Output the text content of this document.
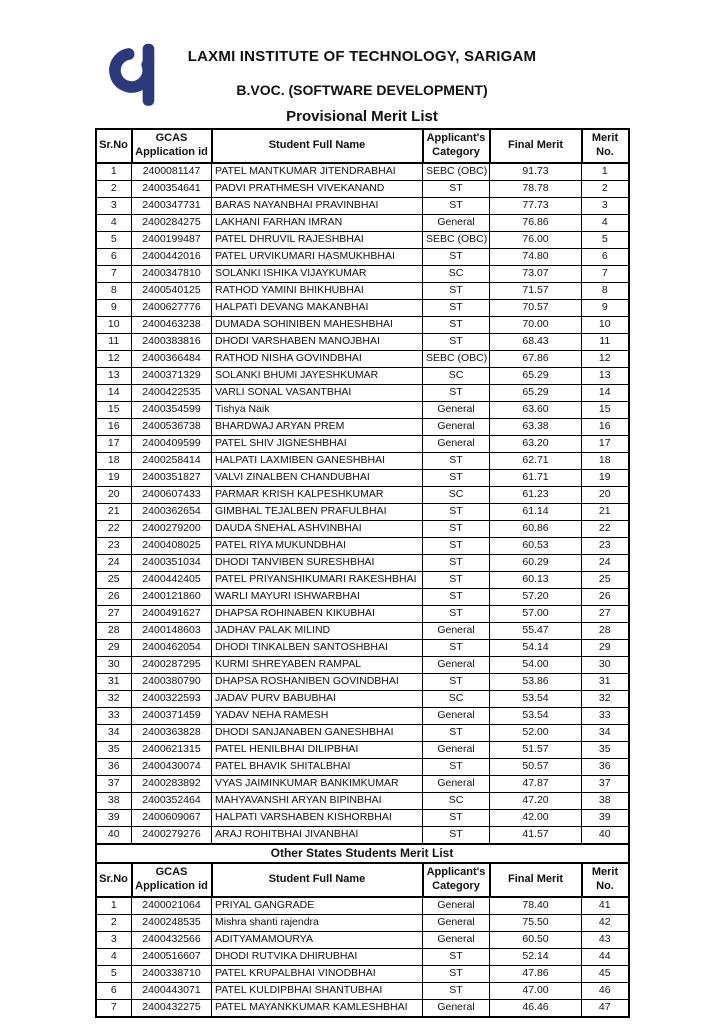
LAXMI INSTITUTE OF TECHNOLOGY, SARIGAM
B.VOC. (SOFTWARE DEVELOPMENT)
Provisional Merit List
Sr.No	GCAS Application id	Student Full Name	Applicant's Category	Final Merit	Merit No.
1	2400081147	PATEL MANTKUMAR JITENDRABHAI	SEBC (OBC)	91.73	1
2	2400354641	PADVI PRATHMESH VIVEKANAND	ST	78.78	2
3	2400347731	BARAS NAYANBHAI PRAVINBHAI	ST	77.73	3
4	2400284275	LAKHANI FARHAN IMRAN	General	76.86	4
5	2400199487	PATEL DHRUVIL RAJESHBHAI	SEBC (OBC)	76.00	5
6	2400442016	PATEL URVIKUMARI HASMUKHBHAI	ST	74.80	6
7	2400347810	SOLANKI ISHIKA VIJAYKUMAR	SC	73.07	7
8	2400540125	RATHOD YAMINI BHIKHUBHAI	ST	71.57	8
9	2400627776	HALPATI DEVANG MAKANBHAI	ST	70.57	9
10	2400463238	DUMADA SOHINIBEN MAHESHBHAI	ST	70.00	10
11	2400383816	DHODI VARSHABEN MANOJBHAI	ST	68.43	11
12	2400366484	RATHOD NISHA GOVINDBHAI	SEBC (OBC)	67.86	12
13	2400371329	SOLANKI BHUMI JAYESHKUMAR	SC	65.29	13
14	2400422535	VARLI SONAL VASANTBHAI	ST	65.29	14
15	2400354599	Tishya Naik	General	63.60	15
16	2400536738	BHARDWAJ ARYAN PREM	General	63.38	16
17	2400409599	PATEL SHIV JIGNESHBHAI	General	63.20	17
18	2400258414	HALPATI LAXMIBEN GANESHBHAI	ST	62.71	18
19	2400351827	VALVI ZINALBEN CHANDUBHAI	ST	61.71	19
20	2400607433	PARMAR KRISH KALPESHKUMAR	SC	61.23	20
21	2400362654	GIMBHAL TEJALBEN PRAFULBHAI	ST	61.14	21
22	2400279200	DAUDA SNEHAL ASHVINBHAI	ST	60.86	22
23	2400408025	PATEL RIYA MUKUNDBHAI	ST	60.53	23
24	2400351034	DHODI TANVIBEN SURESHBHAI	ST	60.29	24
25	2400442405	PATEL PRIYANSHIKUMARI RAKESHBHAI	ST	60.13	25
26	2400121860	WARLI MAYURI ISHWARBHAI	ST	57.20	26
27	2400491627	DHAPSA ROHINABEN KIKUBHAI	ST	57.00	27
28	2400148603	JADHAV PALAK MILIND	General	55.47	28
29	2400462054	DHODI TINKALBEN SANTOSHBHAI	ST	54.14	29
30	2400287295	KURMI SHREYABEN RAMPAL	General	54.00	30
31	2400380790	DHAPSA ROSHANIBEN GOVINDBHAI	ST	53.86	31
32	2400322593	JADAV PURV BABUBHAI	SC	53.54	32
33	2400371459	YADAV NEHA RAMESH	General	53.54	33
34	2400363828	DHODI SANJANABEN GANESHBHAI	ST	52.00	34
35	2400621315	PATEL HENILBHAI DILIPBHAI	General	51.57	35
36	2400430074	PATEL BHAVIK SHITALBHAI	ST	50.57	36
37	2400283892	VYAS JAIMINKUMAR BANKIMKUMAR	General	47.87	37
38	2400352464	MAHYAVANSHI ARYAN BIPINBHAI	SC	47.20	38
39	2400609067	HALPATI VARSHABEN KISHORBHAI	ST	42.00	39
40	2400279276	ARAJ ROHITBHAI JIVANBHAI	ST	41.57	40
Other States Students Merit List					
Sr.No	GCAS Application id	Student Full Name	Applicant's Category	Final Merit	Merit No.
1	2400021064	PRIYAL GANGRADE	General	78.40	41
2	2400248535	Mishra shanti rajendra	General	75.50	42
3	2400432566	ADITYAMAMOURYA	General	60.50	43
4	2400516607	DHODI RUTVIKA DHIRUBHAI	ST	52.14	44
5	2400338710	PATEL KRUPALBHAI VINODBHAI	ST	47.86	45
6	2400443071	PATEL KULDIPBHAI SHANTUBHAI	ST	47.00	46
7	2400432275	PATEL MAYANKKUMAR KAMLESHBHAI	General	46.46	47
